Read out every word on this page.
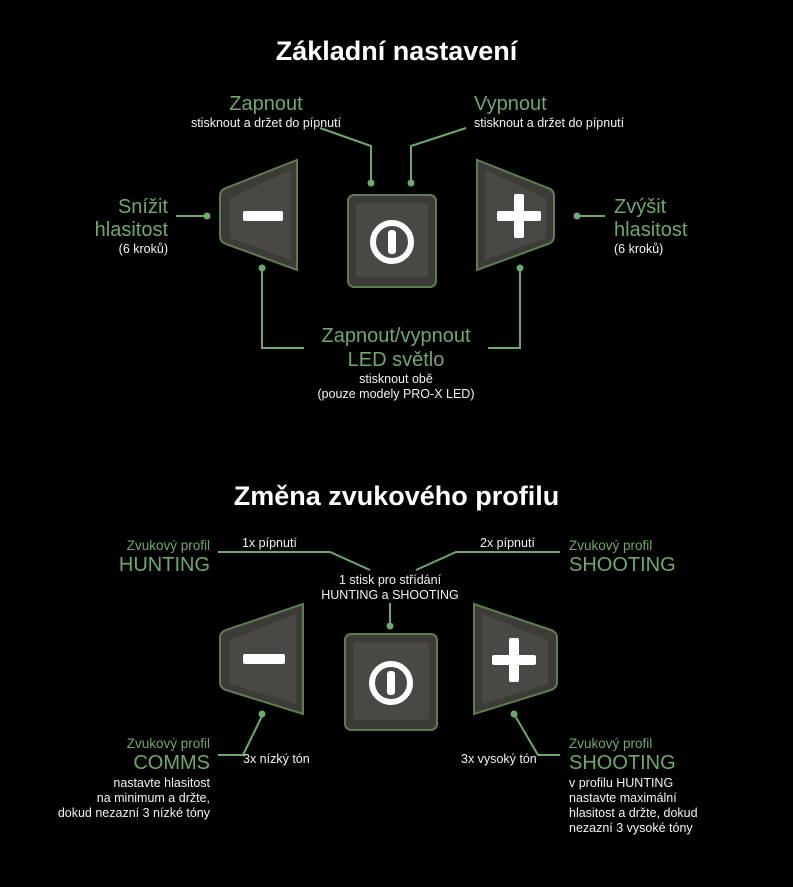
Základní nastavení
Zapnout
stisknout a držet do pípnutí
Vypnout
stisknout a držet do pípnutí
Snížit
hlasitost
(6 kroků)
Zvýšit
hlasitost
(6 kroků)
Zapnout/vypnout
LED světlo
stisknout obě
(pouze modely PRO-X LED)
Změna zvukového profilu
Zvukový profil
HUNTING
1x pípnutí	Zvukový profil
SHOOTING
2x pípnutí
1 stisk pro střídání
HUNTING a SHOOTING
Zvukový profil
COMMS
nastavte hlasitost
na minimum a držte,
dokud nezazní 3 nízké tóny
3x nízký tón
Zvukový profil
SHOOTING
v profilu HUNTING
nastavte maximální
hlasitost a držte, dokud
nezazní 3 vysoké tóny
3x vysoký tón
